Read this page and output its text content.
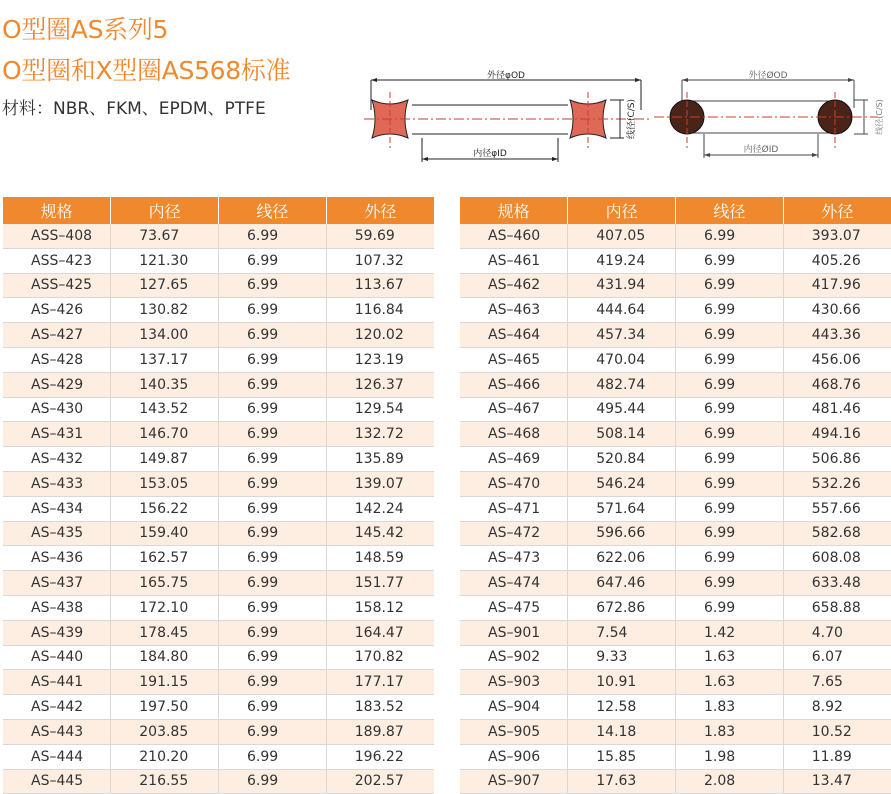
O型圈AS系列5
O型圈和X型圈AS568标准

材料：NBR、FKM、EPDM、PTFE

外径φOD
线径(C/S)
内径φID
外径ØOD
线径(C/S)
内径ØID
规格	内径	线径	外径
ASS–408	73.67	6.99	59.69
ASS–423	121.30	6.99	107.32
ASS–425	127.65	6.99	113.67
AS–426	130.82	6.99	116.84
AS–427	134.00	6.99	120.02
AS–428	137.17	6.99	123.19
AS–429	140.35	6.99	126.37
AS–430	143.52	6.99	129.54
AS–431	146.70	6.99	132.72
AS–432	149.87	6.99	135.89
AS–433	153.05	6.99	139.07
AS–434	156.22	6.99	142.24
AS–435	159.40	6.99	145.42
AS–436	162.57	6.99	148.59
AS–437	165.75	6.99	151.77
AS–438	172.10	6.99	158.12
AS–439	178.45	6.99	164.47
AS–440	184.80	6.99	170.82
AS–441	191.15	6.99	177.17
AS–442	197.50	6.99	183.52
AS–443	203.85	6.99	189.87
AS–444	210.20	6.99	196.22
AS–445	216.55	6.99	202.57
规格	内径	线径	外径
AS–460	407.05	6.99	393.07
AS–461	419.24	6.99	405.26
AS–462	431.94	6.99	417.96
AS–463	444.64	6.99	430.66
AS–464	457.34	6.99	443.36
AS–465	470.04	6.99	456.06
AS–466	482.74	6.99	468.76
AS–467	495.44	6.99	481.46
AS–468	508.14	6.99	494.16
AS–469	520.84	6.99	506.86
AS–470	546.24	6.99	532.26
AS–471	571.64	6.99	557.66
AS–472	596.66	6.99	582.68
AS–473	622.06	6.99	608.08
AS–474	647.46	6.99	633.48
AS–475	672.86	6.99	658.88
AS–901	7.54	1.42	4.70
AS–902	9.33	1.63	6.07
AS–903	10.91	1.63	7.65
AS–904	12.58	1.83	8.92
AS–905	14.18	1.83	10.52
AS–906	15.85	1.98	11.89
AS–907	17.63	2.08	13.47
